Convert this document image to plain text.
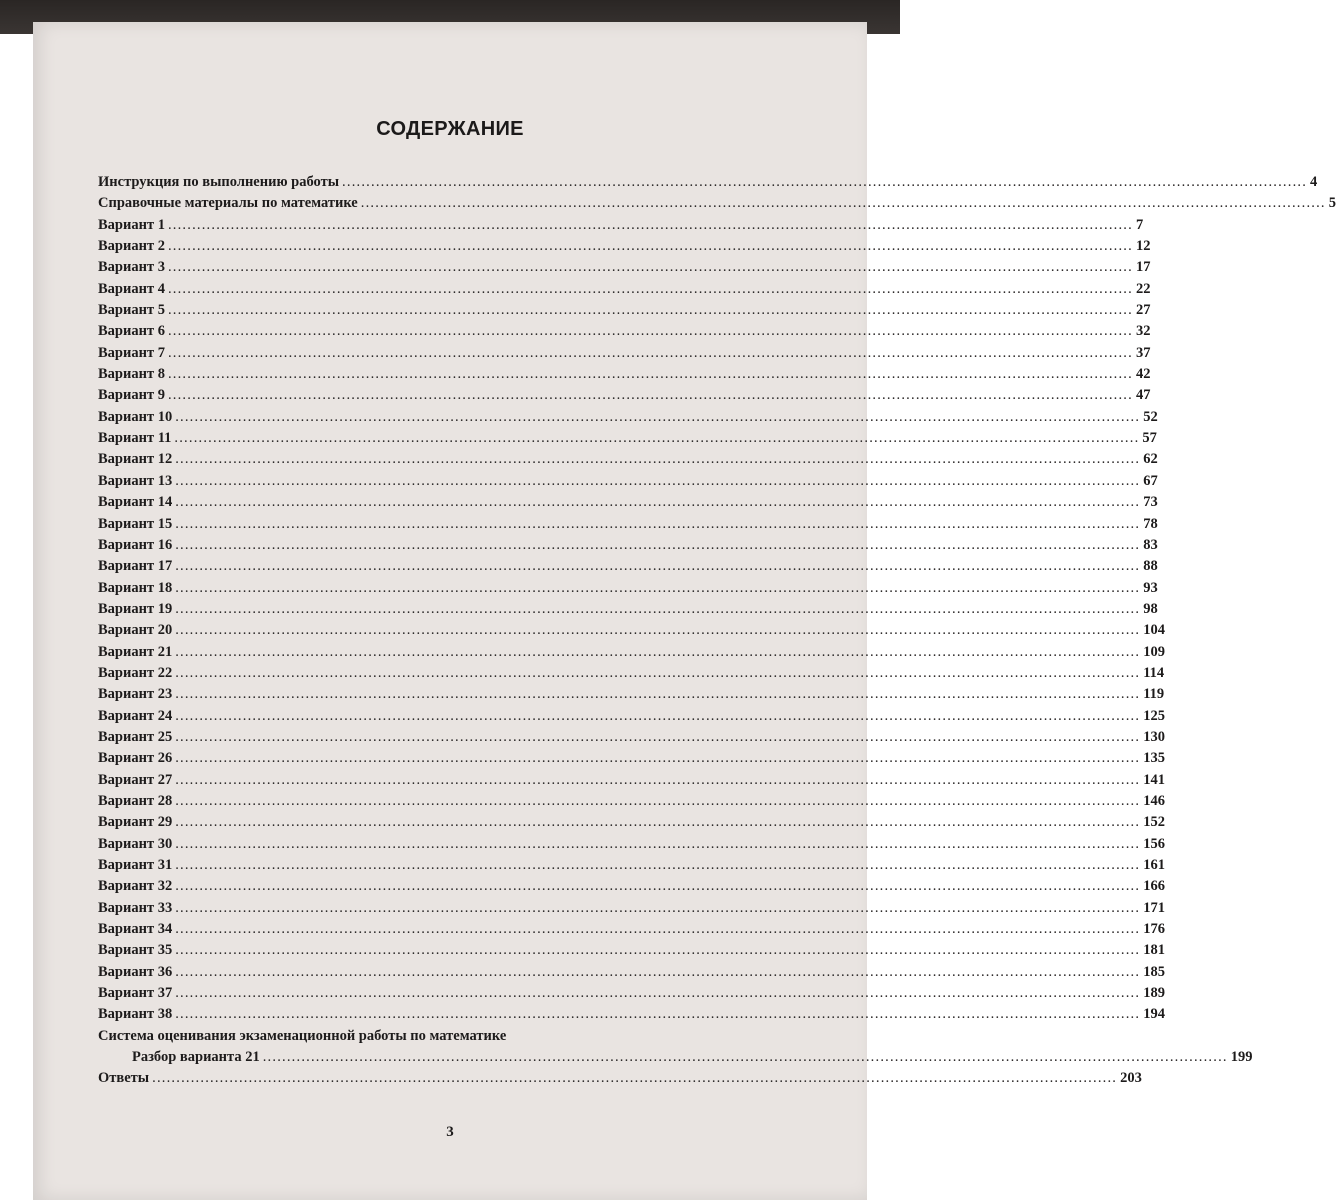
СОДЕРЖАНИЕ
Инструкция по выполнению работы ........................................................................................................................................................................................................ 4
Справочные материалы по математике ........................................................................................................................................................................................................ 5
Вариант 1 ........................................................................................................................................................................................................ 7
Вариант 2 ........................................................................................................................................................................................................ 12
Вариант 3 ........................................................................................................................................................................................................ 17
Вариант 4 ........................................................................................................................................................................................................ 22
Вариант 5 ........................................................................................................................................................................................................ 27
Вариант 6 ........................................................................................................................................................................................................ 32
Вариант 7 ........................................................................................................................................................................................................ 37
Вариант 8 ........................................................................................................................................................................................................ 42
Вариант 9 ........................................................................................................................................................................................................ 47
Вариант 10 ........................................................................................................................................................................................................ 52
Вариант 11 ........................................................................................................................................................................................................ 57
Вариант 12 ........................................................................................................................................................................................................ 62
Вариант 13 ........................................................................................................................................................................................................ 67
Вариант 14 ........................................................................................................................................................................................................ 73
Вариант 15 ........................................................................................................................................................................................................ 78
Вариант 16 ........................................................................................................................................................................................................ 83
Вариант 17 ........................................................................................................................................................................................................ 88
Вариант 18 ........................................................................................................................................................................................................ 93
Вариант 19 ........................................................................................................................................................................................................ 98
Вариант 20 ........................................................................................................................................................................................................ 104
Вариант 21 ........................................................................................................................................................................................................ 109
Вариант 22 ........................................................................................................................................................................................................ 114
Вариант 23 ........................................................................................................................................................................................................ 119
Вариант 24 ........................................................................................................................................................................................................ 125
Вариант 25 ........................................................................................................................................................................................................ 130
Вариант 26 ........................................................................................................................................................................................................ 135
Вариант 27 ........................................................................................................................................................................................................ 141
Вариант 28 ........................................................................................................................................................................................................ 146
Вариант 29 ........................................................................................................................................................................................................ 152
Вариант 30 ........................................................................................................................................................................................................ 156
Вариант 31 ........................................................................................................................................................................................................ 161
Вариант 32 ........................................................................................................................................................................................................ 166
Вариант 33 ........................................................................................................................................................................................................ 171
Вариант 34 ........................................................................................................................................................................................................ 176
Вариант 35 ........................................................................................................................................................................................................ 181
Вариант 36 ........................................................................................................................................................................................................ 185
Вариант 37 ........................................................................................................................................................................................................ 189
Вариант 38 ........................................................................................................................................................................................................ 194
Система оценивания экзаменационной работы по математике
Разбор варианта 21 ........................................................................................................................................................................................................ 199
Ответы ........................................................................................................................................................................................................ 203
3
